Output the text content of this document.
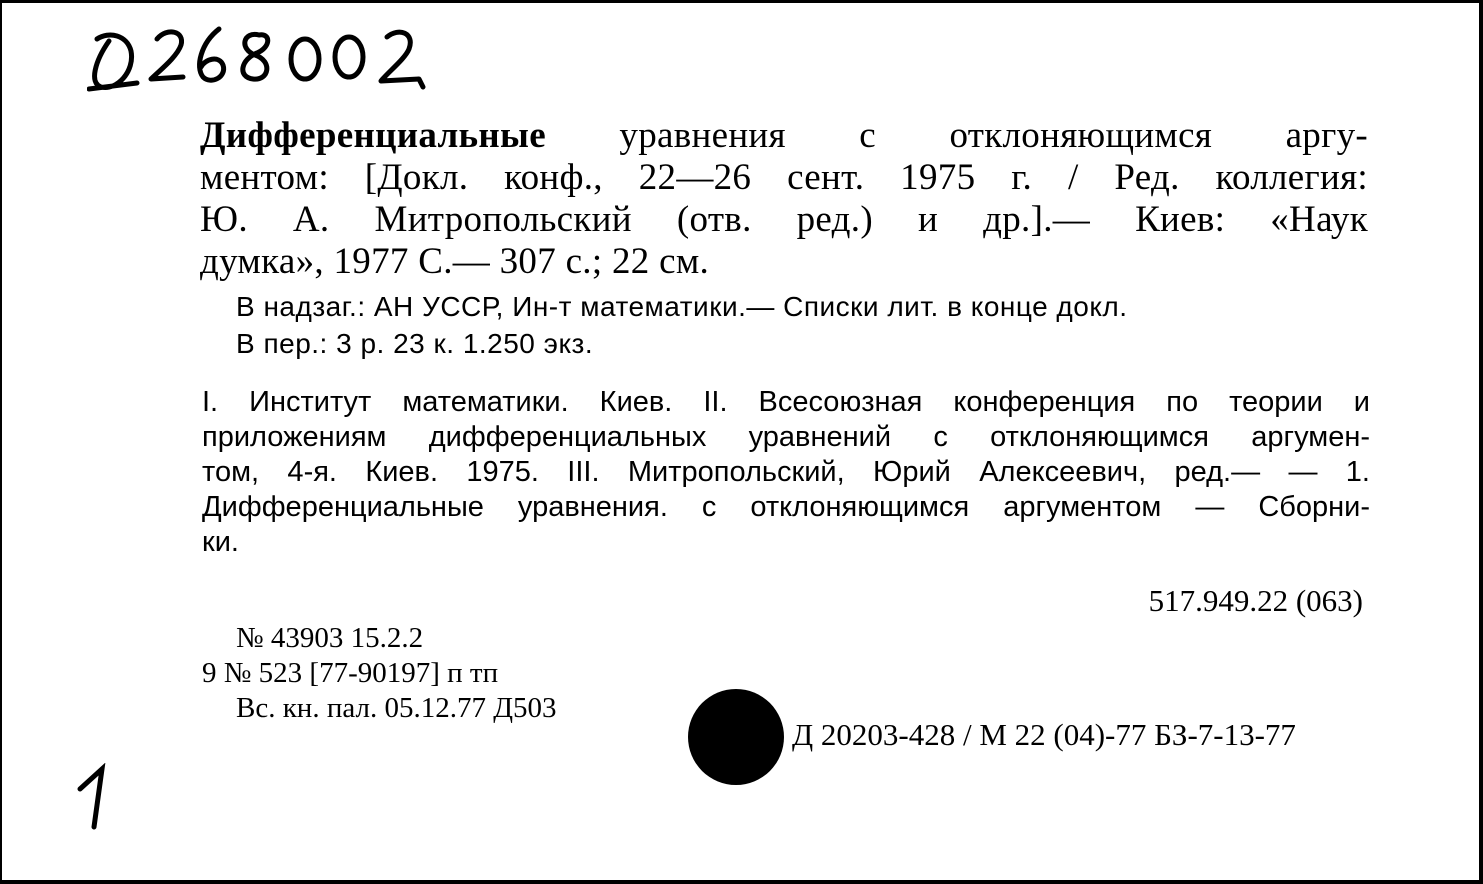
Дифференциальные уравнения с отклоняющимся аргу-
ментом: [Докл. конф., 22—26 сент. 1975 г. / Ред. коллегия:
Ю. А. Митропольский (отв. ред.) и др.].— Киев: «Наук
думка», 1977 С.— 307 с.; 22 см.
В надзаг.: АН УССР, Ин-т математики.— Списки лит. в конце докл.
В пер.: 3 р. 23 к. 1.250 экз.
I. Институт математики. Киев. II. Всесоюзная конференция по теории и
приложениям дифференциальных уравнений с отклоняющимся аргумен-
том, 4-я. Киев. 1975. III. Митропольский, Юрий Алексеевич, ред.— — 1.
Дифференциальные уравнения. с отклоняющимся аргументом — Сборни-
ки.
517.949.22 (063)
№ 43903 15.2.2
9 № 523 [77-90197] п тп
Вс. кн. пал. 05.12.77 Д503
Д 20203-428 / М 22 (04)-77 БЗ-7-13-77
